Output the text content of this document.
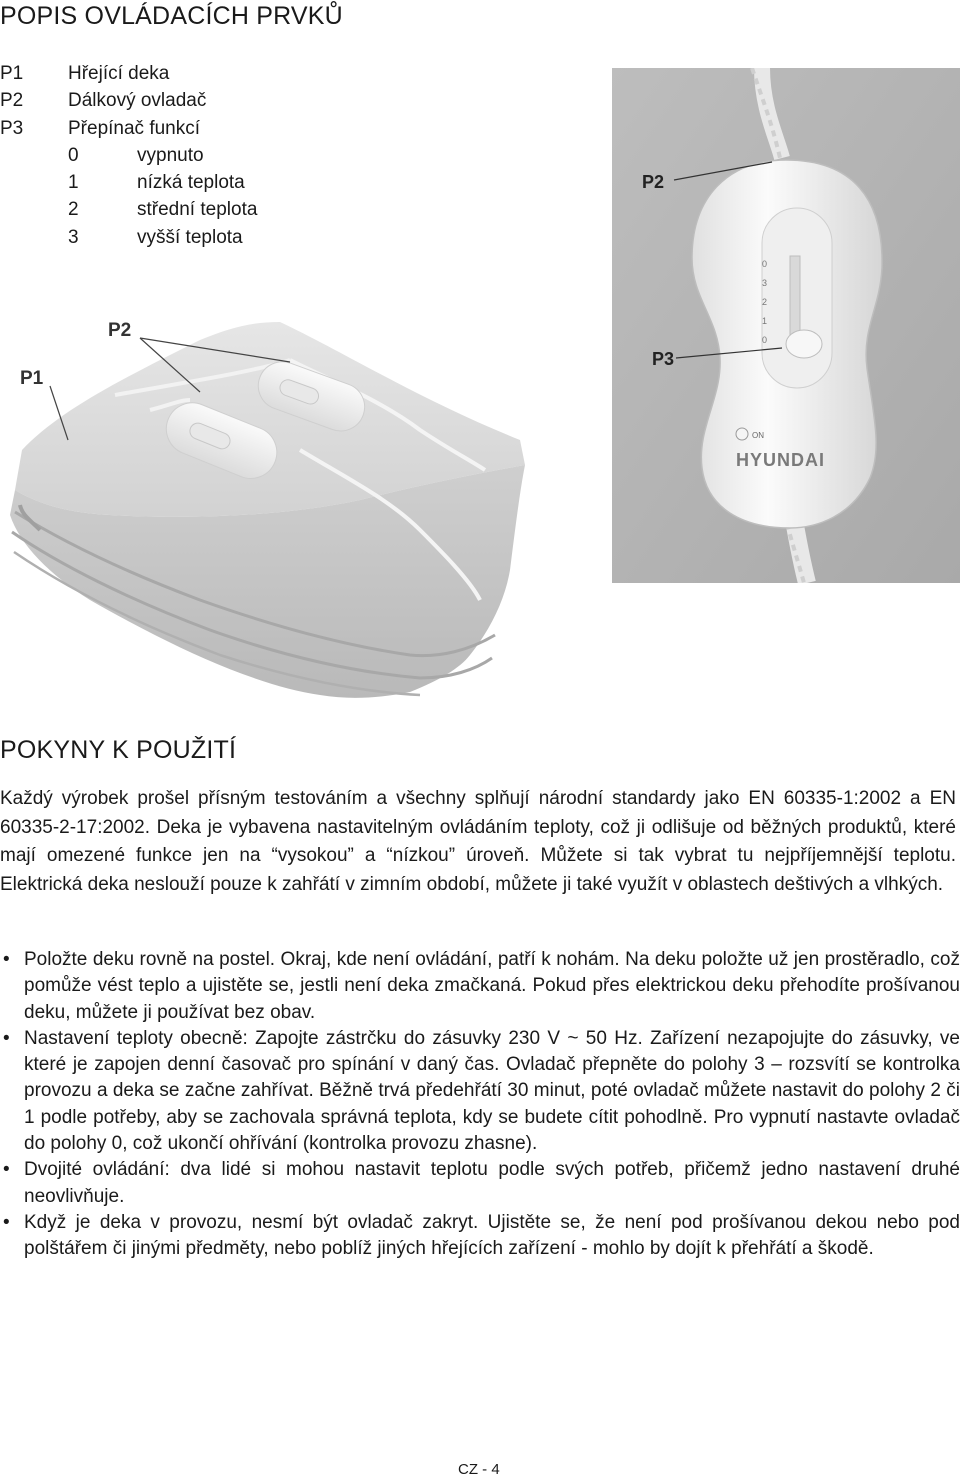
POPIS OVLÁDACÍCH PRVKŮ
P1 Hřející deka
P2 Dálkový ovladač
P3 Přepínač funkcí
0	vypnuto
1	nízká teplota
2	střední teplota
3	vyšší teplota
P2
P1
0
3
2
1
0
ON
HYUNDAI
P2
P3
POKYNY K POUŽITÍ

Každý výrobek prošel přísným testováním a všechny splňují národní standardy jako EN 60335-1:2002 a EN 60335-2-17:2002. Deka je vybavena nastavitelným ovládáním teploty, což ji odlišuje od běžných produktů, které mají omezené funkce jen na “vysokou” a “nízkou” úroveň. Můžete si tak vybrat tu nejpříjemnější teplotu. Elektrická deka neslouží pouze k zahřátí v zimním období, můžete ji také využít v oblastech deštivých a vlhkých.

• Položte deku rovně na postel. Okraj, kde není ovládání, patří k nohám. Na deku položte už jen prostěradlo, což pomůže vést teplo a ujistěte se, jestli není deka zmačkaná. Pokud přes elektrickou deku přehodíte prošívanou deku, můžete ji používat bez obav.
• Nastavení teploty obecně: Zapojte zástrčku do zásuvky 230 V ~ 50 Hz. Zařízení nezapojujte do zásuvky, ve které je zapojen denní časovač pro spínání v daný čas. Ovladač přepněte do polohy 3 – rozsvítí se kontrolka provozu a deka se začne zahřívat. Běžně trvá předehřátí 30 minut, poté ovladač můžete nastavit do polohy 2 či 1 podle potřeby, aby se zachovala správná teplota, kdy se budete cítit pohodlně. Pro vypnutí nastavte ovladač do polohy 0, což ukončí ohřívání (kontrolka provozu zhasne).
• Dvojité ovládání: dva lidé si mohou nastavit teplotu podle svých potřeb, přičemž jedno nastavení druhé neovlivňuje.
• Když je deka v provozu, nesmí být ovladač zakryt. Ujistěte se, že není pod prošívanou dekou nebo pod polštářem či jinými předměty, nebo poblíž jiných hřejících zařízení - mohlo by dojít k přehřátí a škodě.
CZ - 4
